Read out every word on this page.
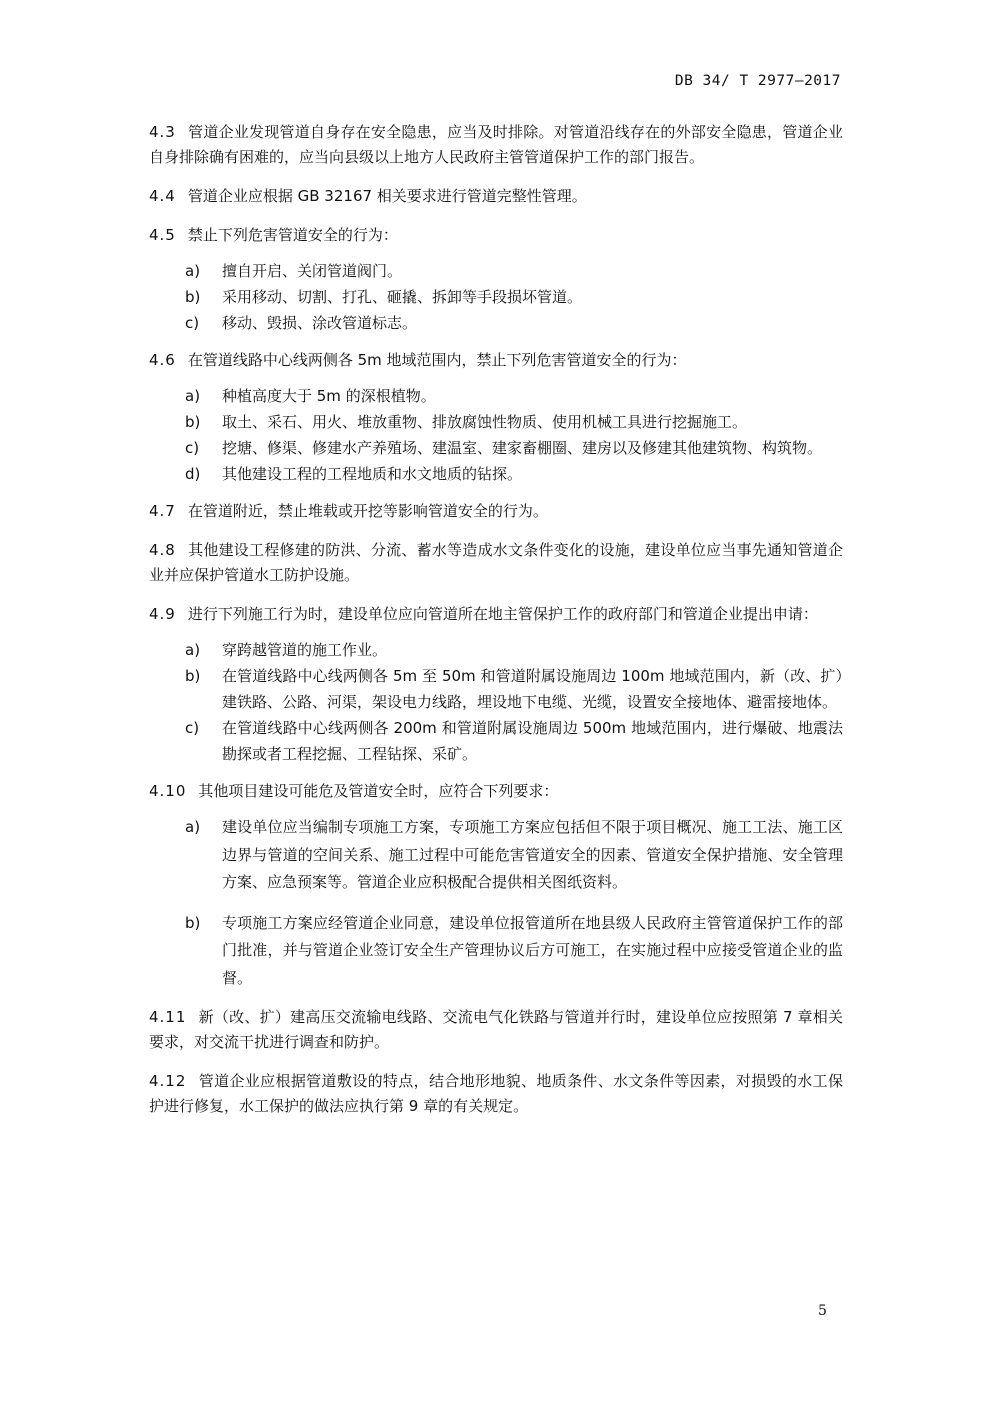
DB 34/ T 2977—2017
4.3 管道企业发现管道自身存在安全隐患，应当及时排除。对管道沿线存在的外部安全隐患，管道企业自身排除确有困难的，应当向县级以上地方人民政府主管管道保护工作的部门报告。
4.4 管道企业应根据 GB 32167 相关要求进行管道完整性管理。
4.5 禁止下列危害管道安全的行为：
a) 擅自开启、关闭管道阀门。
b) 采用移动、切割、打孔、砸撬、拆卸等手段损坏管道。
c) 移动、毁损、涂改管道标志。
4.6 在管道线路中心线两侧各 5m 地域范围内，禁止下列危害管道安全的行为：
a) 种植高度大于 5m 的深根植物。
b) 取土、采石、用火、堆放重物、排放腐蚀性物质、使用机械工具进行挖掘施工。
c) 挖塘、修渠、修建水产养殖场、建温室、建家畜棚圈、建房以及修建其他建筑物、构筑物。
d) 其他建设工程的工程地质和水文地质的钻探。
4.7 在管道附近，禁止堆载或开挖等影响管道安全的行为。
4.8 其他建设工程修建的防洪、分流、蓄水等造成水文条件变化的设施，建设单位应当事先通知管道企业并应保护管道水工防护设施。
4.9 进行下列施工行为时，建设单位应向管道所在地主管保护工作的政府部门和管道企业提出申请：
a) 穿跨越管道的施工作业。
b) 在管道线路中心线两侧各 5m 至 50m 和管道附属设施周边 100m 地域范围内，新（改、扩）建铁路、公路、河渠，架设电力线路，埋设地下电缆、光缆，设置安全接地体、避雷接地体。
c) 在管道线路中心线两侧各 200m 和管道附属设施周边 500m 地域范围内，进行爆破、地震法勘探或者工程挖掘、工程钻探、采矿。
4.10 其他项目建设可能危及管道安全时，应符合下列要求：
a) 建设单位应当编制专项施工方案，专项施工方案应包括但不限于项目概况、施工工法、施工区边界与管道的空间关系、施工过程中可能危害管道安全的因素、管道安全保护措施、安全管理方案、应急预案等。管道企业应积极配合提供相关图纸资料。
b) 专项施工方案应经管道企业同意，建设单位报管道所在地县级人民政府主管管道保护工作的部门批准，并与管道企业签订安全生产管理协议后方可施工，在实施过程中应接受管道企业的监督。
4.11 新（改、扩）建高压交流输电线路、交流电气化铁路与管道并行时，建设单位应按照第 7 章相关要求，对交流干扰进行调查和防护。
4.12 管道企业应根据管道敷设的特点，结合地形地貌、地质条件、水文条件等因素，对损毁的水工保护进行修复，水工保护的做法应执行第 9 章的有关规定。
5
